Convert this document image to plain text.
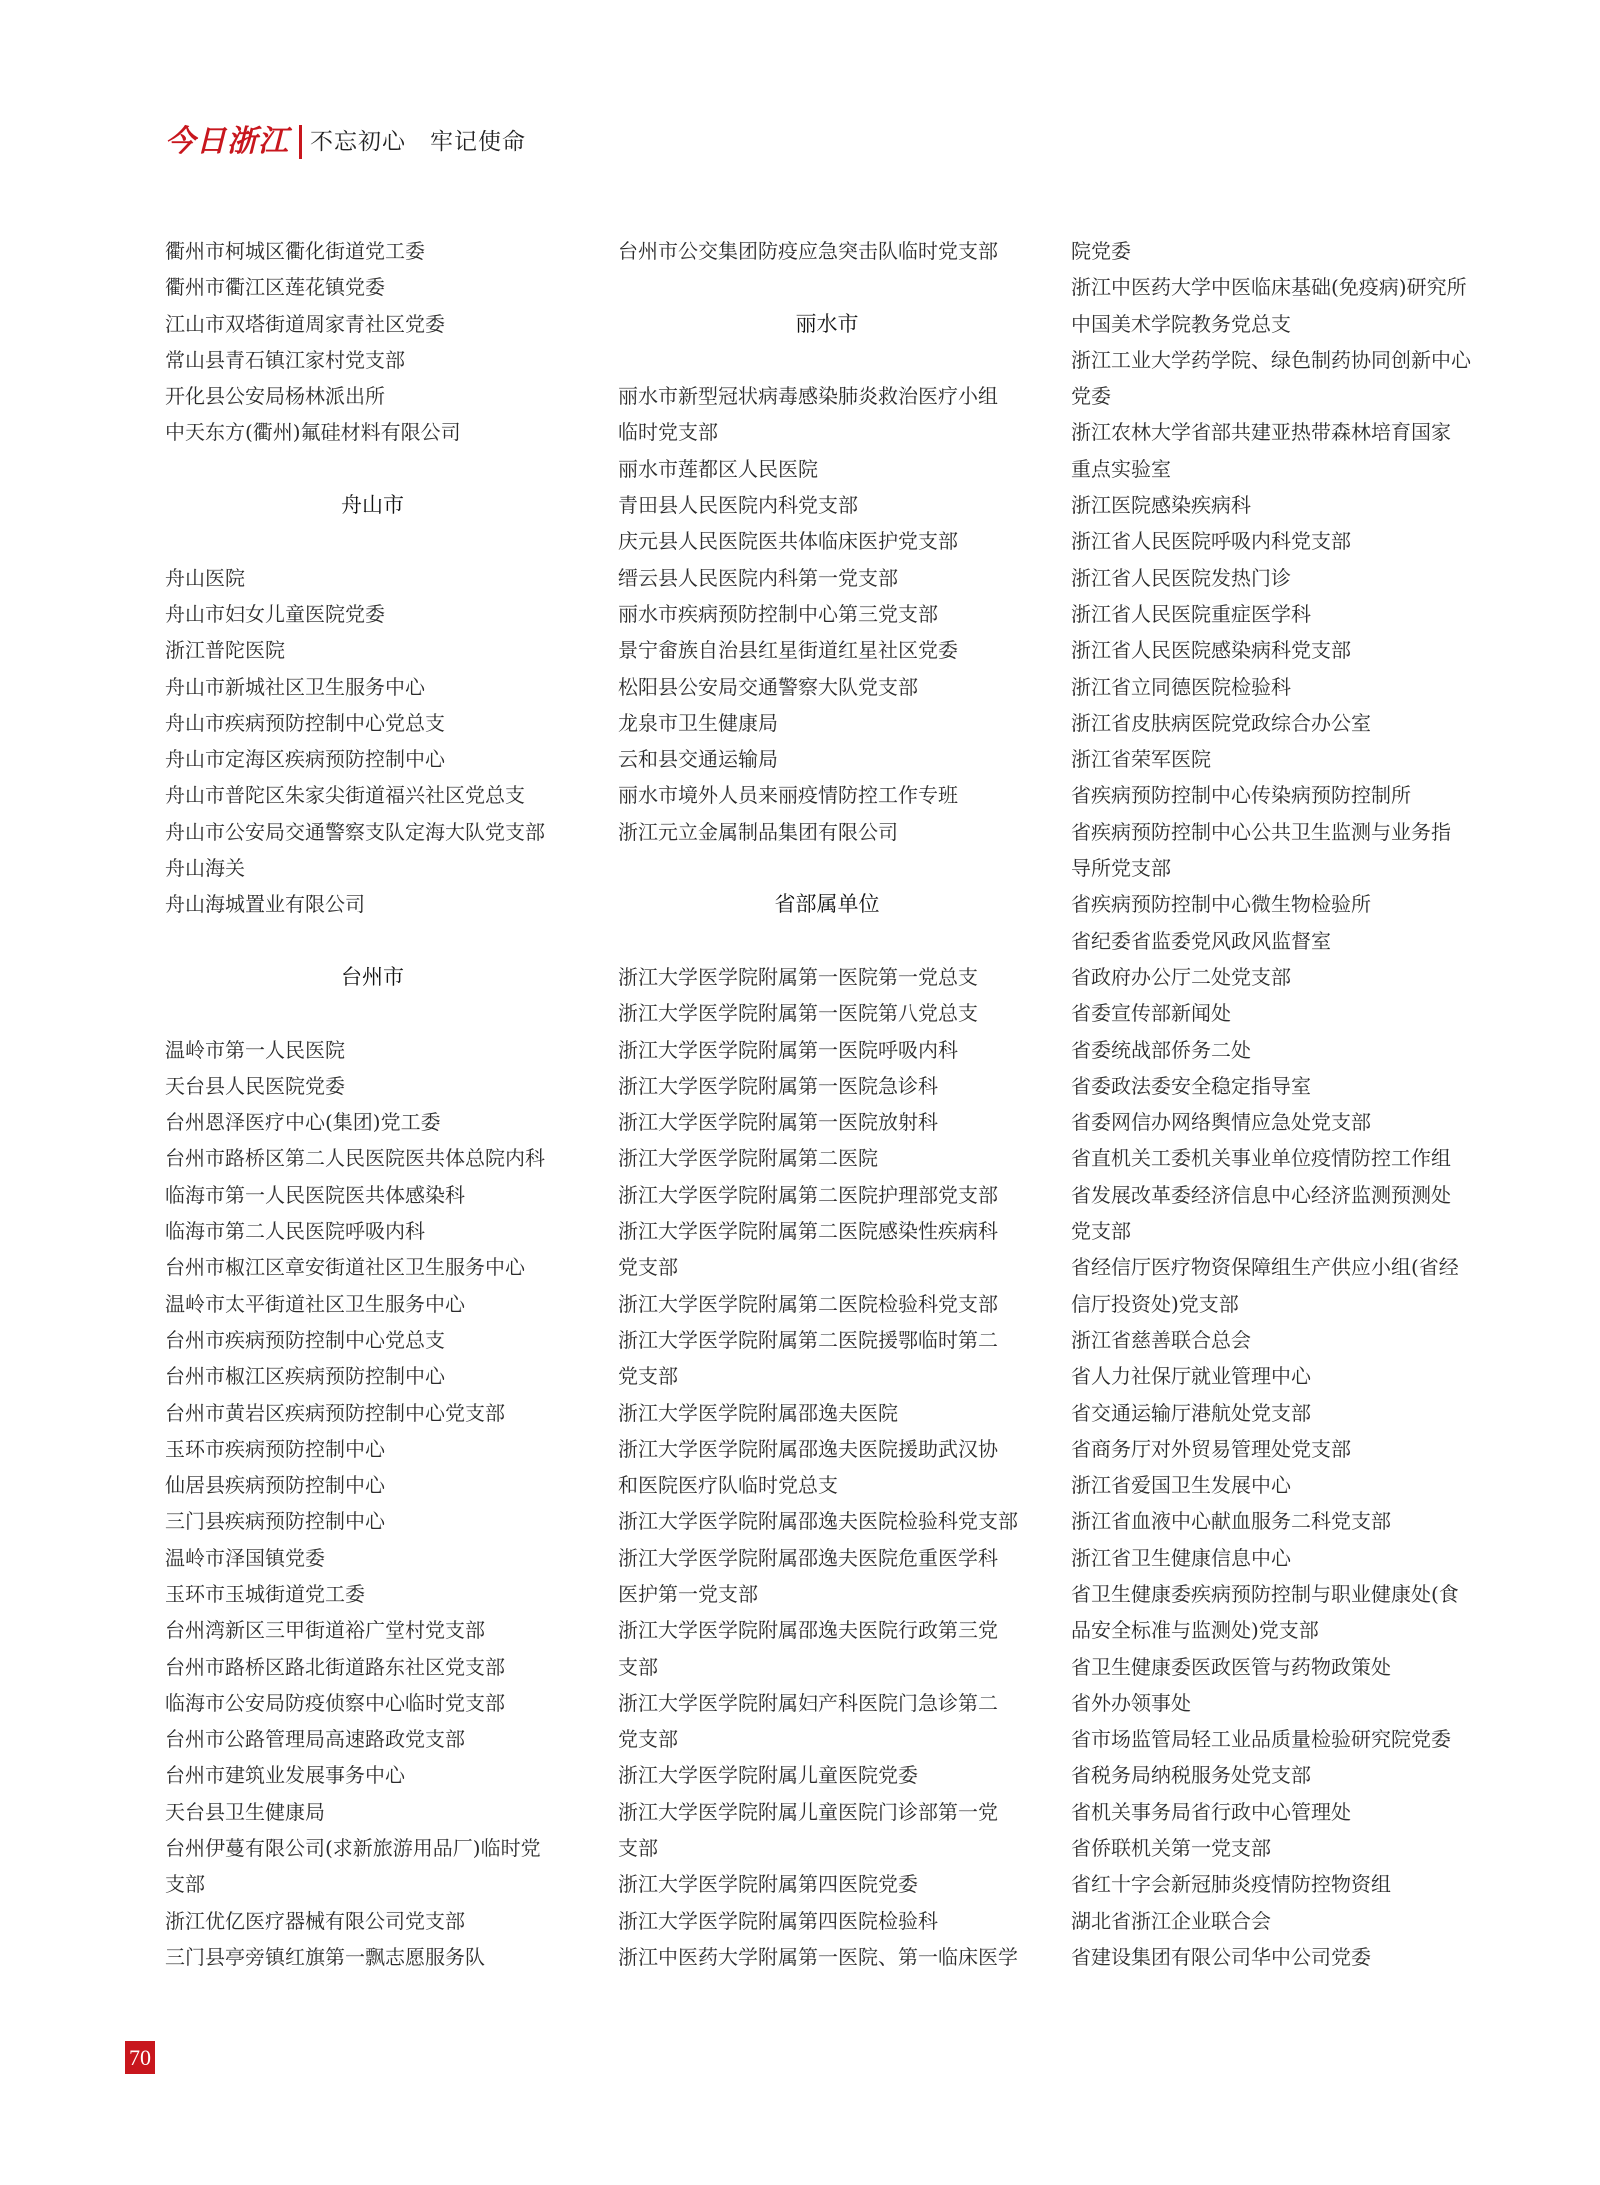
今日浙江 不忘初心　牢记使命
衢州市柯城区衢化街道党工委
衢州市衢江区莲花镇党委
江山市双塔街道周家青社区党委
常山县青石镇江家村党支部
开化县公安局杨林派出所
中天东方(衢州)氟硅材料有限公司
舟山市
舟山医院
舟山市妇女儿童医院党委
浙江普陀医院
舟山市新城社区卫生服务中心
舟山市疾病预防控制中心党总支
舟山市定海区疾病预防控制中心
舟山市普陀区朱家尖街道福兴社区党总支
舟山市公安局交通警察支队定海大队党支部
舟山海关
舟山海城置业有限公司
台州市
温岭市第一人民医院
天台县人民医院党委
台州恩泽医疗中心(集团)党工委
台州市路桥区第二人民医院医共体总院内科
临海市第一人民医院医共体感染科
临海市第二人民医院呼吸内科
台州市椒江区章安街道社区卫生服务中心
温岭市太平街道社区卫生服务中心
台州市疾病预防控制中心党总支
台州市椒江区疾病预防控制中心
台州市黄岩区疾病预防控制中心党支部
玉环市疾病预防控制中心
仙居县疾病预防控制中心
三门县疾病预防控制中心
温岭市泽国镇党委
玉环市玉城街道党工委
台州湾新区三甲街道裕广堂村党支部
台州市路桥区路北街道路东社区党支部
临海市公安局防疫侦察中心临时党支部
台州市公路管理局高速路政党支部
台州市建筑业发展事务中心
天台县卫生健康局
台州伊蔓有限公司(求新旅游用品厂)临时党
支部
浙江优亿医疗器械有限公司党支部
三门县亭旁镇红旗第一飘志愿服务队
台州市公交集团防疫应急突击队临时党支部
丽水市
丽水市新型冠状病毒感染肺炎救治医疗小组
临时党支部
丽水市莲都区人民医院
青田县人民医院内科党支部
庆元县人民医院医共体临床医护党支部
缙云县人民医院内科第一党支部
丽水市疾病预防控制中心第三党支部
景宁畲族自治县红星街道红星社区党委
松阳县公安局交通警察大队党支部
龙泉市卫生健康局
云和县交通运输局
丽水市境外人员来丽疫情防控工作专班
浙江元立金属制品集团有限公司
省部属单位
浙江大学医学院附属第一医院第一党总支
浙江大学医学院附属第一医院第八党总支
浙江大学医学院附属第一医院呼吸内科
浙江大学医学院附属第一医院急诊科
浙江大学医学院附属第一医院放射科
浙江大学医学院附属第二医院
浙江大学医学院附属第二医院护理部党支部
浙江大学医学院附属第二医院感染性疾病科
党支部
浙江大学医学院附属第二医院检验科党支部
浙江大学医学院附属第二医院援鄂临时第二
党支部
浙江大学医学院附属邵逸夫医院
浙江大学医学院附属邵逸夫医院援助武汉协
和医院医疗队临时党总支
浙江大学医学院附属邵逸夫医院检验科党支部
浙江大学医学院附属邵逸夫医院危重医学科
医护第一党支部
浙江大学医学院附属邵逸夫医院行政第三党
支部
浙江大学医学院附属妇产科医院门急诊第二
党支部
浙江大学医学院附属儿童医院党委
浙江大学医学院附属儿童医院门诊部第一党
支部
浙江大学医学院附属第四医院党委
浙江大学医学院附属第四医院检验科
浙江中医药大学附属第一医院、第一临床医学
院党委
浙江中医药大学中医临床基础(免疫病)研究所
中国美术学院教务党总支
浙江工业大学药学院、绿色制药协同创新中心
党委
浙江农林大学省部共建亚热带森林培育国家
重点实验室
浙江医院感染疾病科
浙江省人民医院呼吸内科党支部
浙江省人民医院发热门诊
浙江省人民医院重症医学科
浙江省人民医院感染病科党支部
浙江省立同德医院检验科
浙江省皮肤病医院党政综合办公室
浙江省荣军医院
省疾病预防控制中心传染病预防控制所
省疾病预防控制中心公共卫生监测与业务指
导所党支部
省疾病预防控制中心微生物检验所
省纪委省监委党风政风监督室
省政府办公厅二处党支部
省委宣传部新闻处
省委统战部侨务二处
省委政法委安全稳定指导室
省委网信办网络舆情应急处党支部
省直机关工委机关事业单位疫情防控工作组
省发展改革委经济信息中心经济监测预测处
党支部
省经信厅医疗物资保障组生产供应小组(省经
信厅投资处)党支部
浙江省慈善联合总会
省人力社保厅就业管理中心
省交通运输厅港航处党支部
省商务厅对外贸易管理处党支部
浙江省爱国卫生发展中心
浙江省血液中心献血服务二科党支部
浙江省卫生健康信息中心
省卫生健康委疾病预防控制与职业健康处(食
品安全标准与监测处)党支部
省卫生健康委医政医管与药物政策处
省外办领事处
省市场监管局轻工业品质量检验研究院党委
省税务局纳税服务处党支部
省机关事务局省行政中心管理处
省侨联机关第一党支部
省红十字会新冠肺炎疫情防控物资组
湖北省浙江企业联合会
省建设集团有限公司华中公司党委
70
